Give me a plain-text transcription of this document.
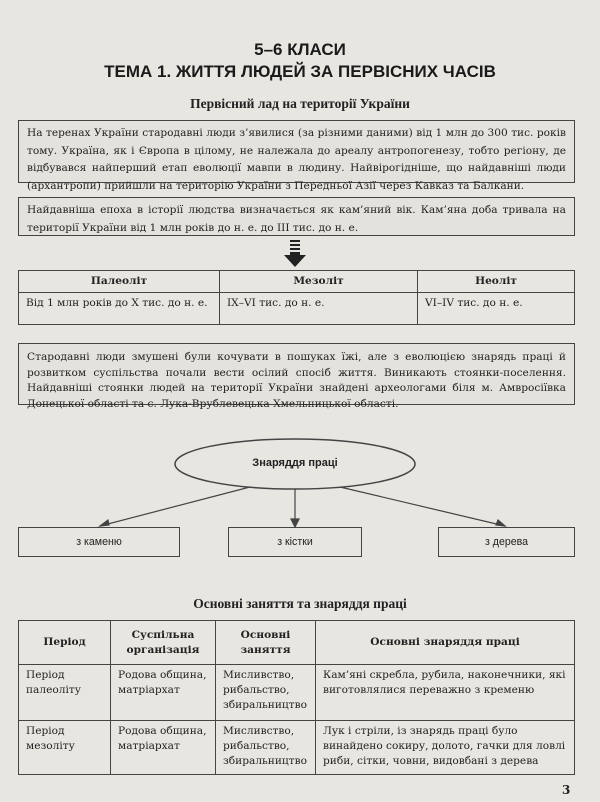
5–6 КЛАСИ
ТЕМА 1. ЖИТТЯ ЛЮДЕЙ ЗА ПЕРВІСНИХ ЧАСІВ
Первісний лад на території України
На теренах України стародавні люди з’явилися (за різними даними) від 1 млн до 300 тис. років тому. Україна, як і Європа в цілому, не належала до ареалу антропогенезу, тобто регіону, де відбувався найперший етап еволюції мавпи в людину. Найвірогідніше, що найдавніші люди (архантропи) прийшли на територію України з Передньої Азії через Кавказ та Балкани.
Найдавніша епоха в історії людства визначається як кам’яний вік. Кам’яна доба тривала на території України від 1 млн років до н. е. до III тис. до н. е.
Палеоліт	Мезоліт	Неоліт
Від 1 млн років до X тис. до н. е.	IX–VI тис. до н. е.	VI–IV тис. до н. е.
Стародавні люди змушені були кочувати в пошуках їжі, але з еволюцією знарядь праці й розвитком суспільства почали вести осілий спосіб життя. Виникають стоянки-поселення. Найдавніші стоянки людей на території України знайдені археологами біля м. Амвросіївка Донецької області та с. Лука-Врублевецька Хмельницької області.
Знаряддя праці
з каменю	з кістки	з дерева
Основні заняття та знаряддя праці
Період	Суспільна організація	Основні заняття	Основні знаряддя праці
Період палеоліту	Родова община, матріархат	Мисливство, рибальство, збиральництво	Кам’яні скребла, рубила, наконечники, які виготовлялися переважно з кременю
Період мезоліту	Родова община, матріархат	Мисливство, рибальство, збиральництво	Лук і стріли, із знарядь праці було винайдено сокиру, долото, гачки для ловлі риби, сітки, човни, видовбані з дерева
3
